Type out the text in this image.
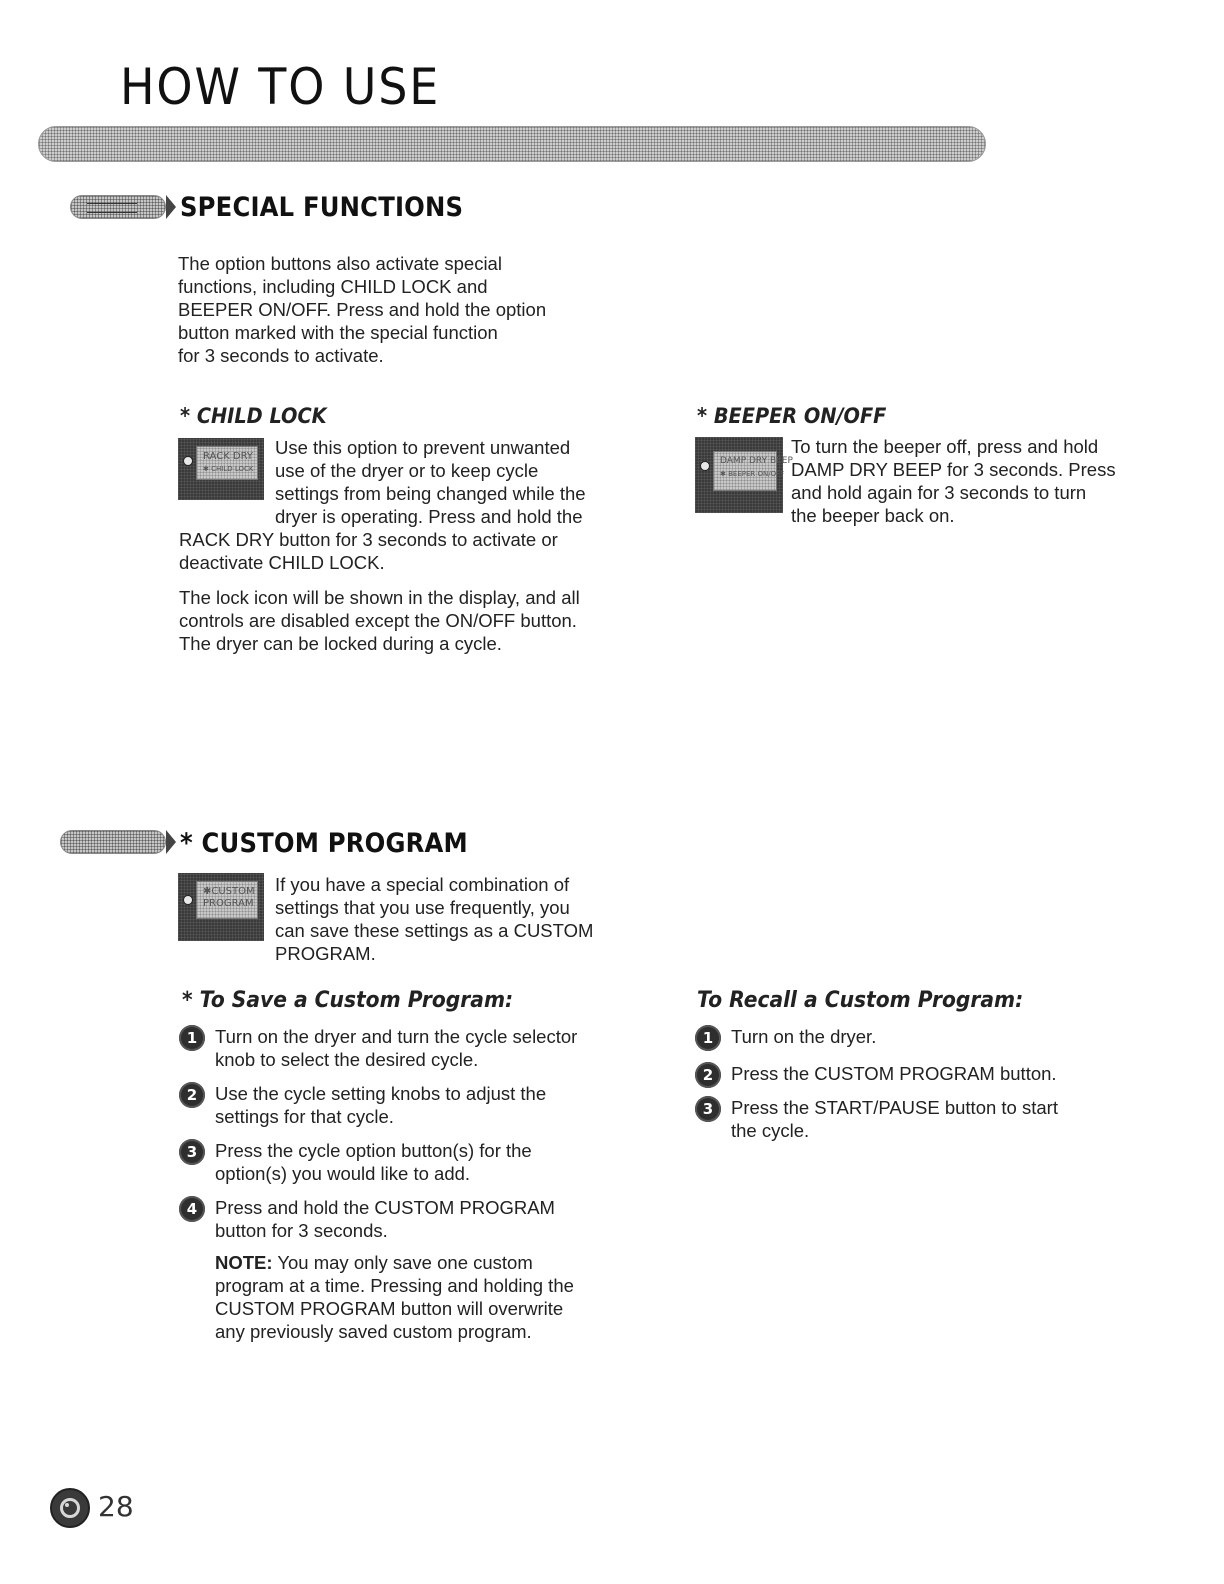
HOW TO USE
SPECIAL FUNCTIONS

The option buttons also activate special

functions, including CHILD LOCK and

BEEPER ON/OFF. Press and hold the option

button marked with the special function

for 3 seconds to activate.

* CHILD LOCK
RACK DRY
✱ CHILD LOCK

Use this option to prevent unwanted

use of the dryer or to keep cycle

settings from being changed while the

dryer is operating. Press and hold the

RACK DRY button for 3 seconds to activate or

deactivate CHILD LOCK.

The lock icon will be shown in the display, and all

controls are disabled except the ON/OFF button.

The dryer can be locked during a cycle.

* BEEPER ON/OFF
DAMP DRY BEEP
✱ BEEPER ON/OFF

To turn the beeper off, press and hold

DAMP DRY BEEP for 3 seconds. Press

and hold again for 3 seconds to turn

the beeper back on.

* CUSTOM PROGRAM
✱CUSTOM
PROGRAM

If you have a special combination of

settings that you use frequently, you

can save these settings as a CUSTOM

PROGRAM.

* To Save a Custom Program:
1 Turn on the dryer and turn the cycle selector

knob to select the desired cycle.

2 Use the cycle setting knobs to adjust the

settings for that cycle.

3 Press the cycle option button(s) for the

option(s) you would like to add.

4 Press and hold the CUSTOM PROGRAM

button for 3 seconds.

NOTE: You may only save one custom

program at a time. Pressing and holding the

CUSTOM PROGRAM button will overwrite

any previously saved custom program.

To Recall a Custom Program:
1 Turn on the dryer.

2 Press the CUSTOM PROGRAM button.

3 Press the START/PAUSE button to start

the cycle.

28
